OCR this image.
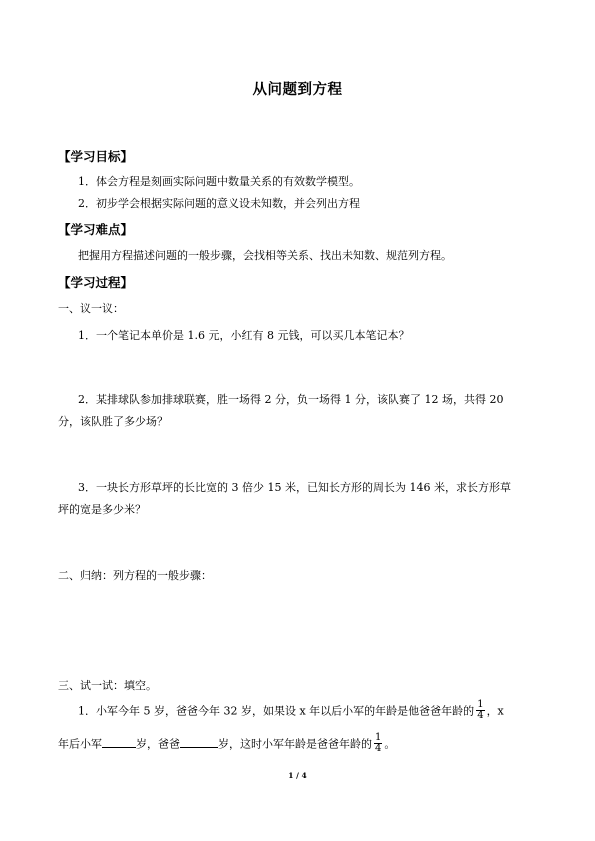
从问题到方程
【学习目标】
1．体会方程是刻画实际问题中数量关系的有效数学模型。
2．初步学会根据实际问题的意义设未知数，并会列出方程
【学习难点】
把握用方程描述问题的一般步骤，会找相等关系、找出未知数、规范列方程。
【学习过程】
一、议一议：
1．一个笔记本单价是 1.6 元，小红有 8 元钱，可以买几本笔记本？
2．某排球队参加排球联赛，胜一场得 2 分，负一场得 1 分，该队赛了 12 场，共得 20
分，该队胜了多少场？
3．一块长方形草坪的长比宽的 3 倍少 15 米，已知长方形的周长为 146 米，求长方形草
坪的宽是多少米？
二、归纳：列方程的一般步骤：
三、试一试：填空。
1．小军今年 5 岁，爸爸今年 32 岁，如果设 x 年以后小军的年龄是他爸爸年龄的 $\frac{1}{4}$ ，x
年后小军	岁，爸爸	岁，这时小军年龄是爸爸年龄的 $\frac{1}{4}$ 。
1 / 4
